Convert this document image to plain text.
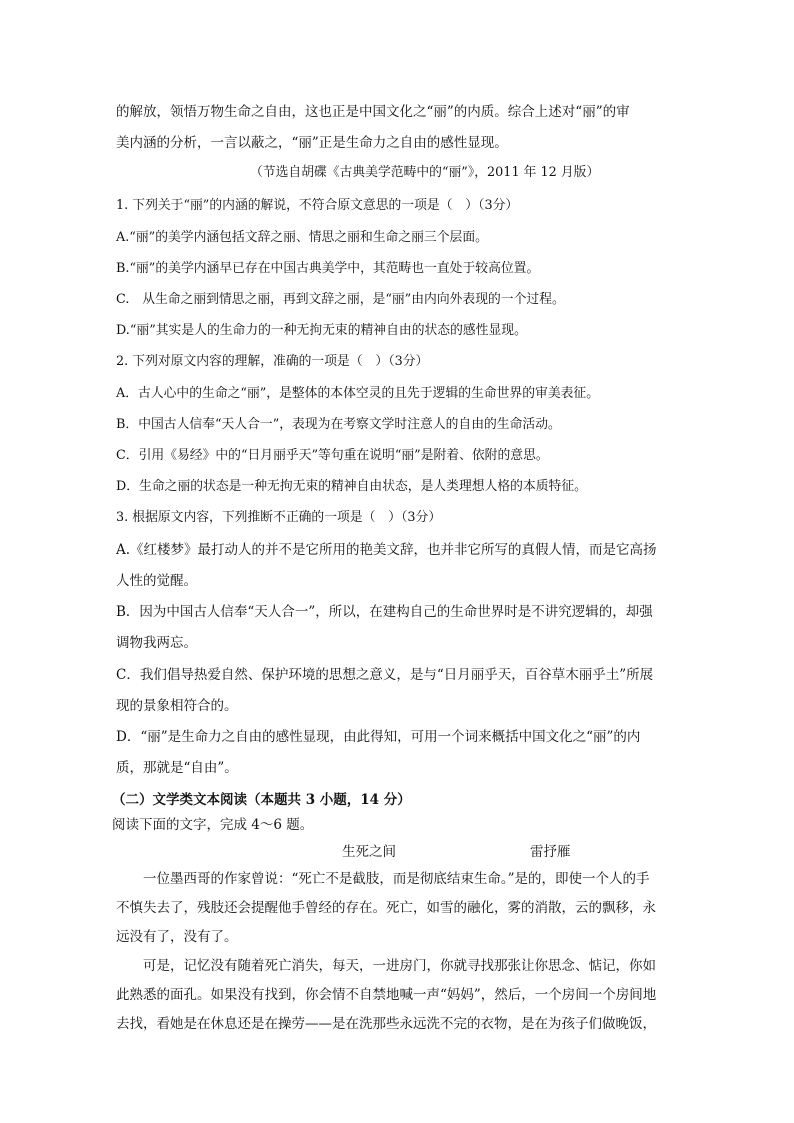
的解放，领悟万物生命之自由，这也正是中国文化之“丽”的内质。综合上述对“丽”的审
美内涵的分析，一言以蔽之，“丽”正是生命力之自由的感性显现。
（节选自胡碟《古典美学范畴中的“丽”》，2011 年 12 月版）
1. 下列关于“丽”的内涵的解说，不符合原文意思的一项是（　）（3分）
A.“丽”的美学内涵包括文辞之丽、情思之丽和生命之丽三个层面。
B.“丽”的美学内涵早已存在中国古典美学中，其范畴也一直处于较高位置。
C.　从生命之丽到情思之丽，再到文辞之丽，是“丽”由内向外表现的一个过程。
D.“丽”其实是人的生命力的一种无拘无束的精神自由的状态的感性显现。
2. 下列对原文内容的理解，准确的一项是（　）（3分）
A．古人心中的生命之“丽”，是整体的本体空灵的且先于逻辑的生命世界的审美表征。
B．中国古人信奉“天人合一”，表现为在考察文学时注意人的自由的生命活动。
C．引用《易经》中的“日月丽乎天”等句重在说明“丽”是附着、依附的意思。
D．生命之丽的状态是一种无拘无束的精神自由状态，是人类理想人格的本质特征。
3. 根据原文内容，下列推断不正确的一项是（　）（3分）
A.《红楼梦》最打动人的并不是它所用的艳美文辞，也并非它所写的真假人情，而是它高扬
人性的觉醒。
B．因为中国古人信奉“天人合一”，所以，在建构自己的生命世界时是不讲究逻辑的，却强
调物我两忘。
C．我们倡导热爱自然、保护环境的思想之意义，是与“日月丽乎天，百谷草木丽乎土”所展
现的景象相符合的。
D．“丽”是生命力之自由的感性显现，由此得知，可用一个词来概括中国文化之“丽”的内
质，那就是“自由”。
（二）文学类文本阅读（本题共 3 小题，14 分）
阅读下面的文字，完成 4～6 题。
生死之间	雷抒雁
一位墨西哥的作家曾说：“死亡不是截肢，而是彻底结束生命。”是的，即使一个人的手
不慎失去了，残肢还会提醒他手曾经的存在。死亡，如雪的融化，雾的消散，云的飘移，永
远没有了，没有了。
可是，记忆没有随着死亡消失，每天，一进房门，你就寻找那张让你思念、惦记，你如
此熟悉的面孔。如果没有找到，你会情不自禁地喊一声“妈妈”，然后，一个房间一个房间地
去找，看她是在休息还是在操劳——是在洗那些永远洗不完的衣物，是在为孩子们做晚饭，
